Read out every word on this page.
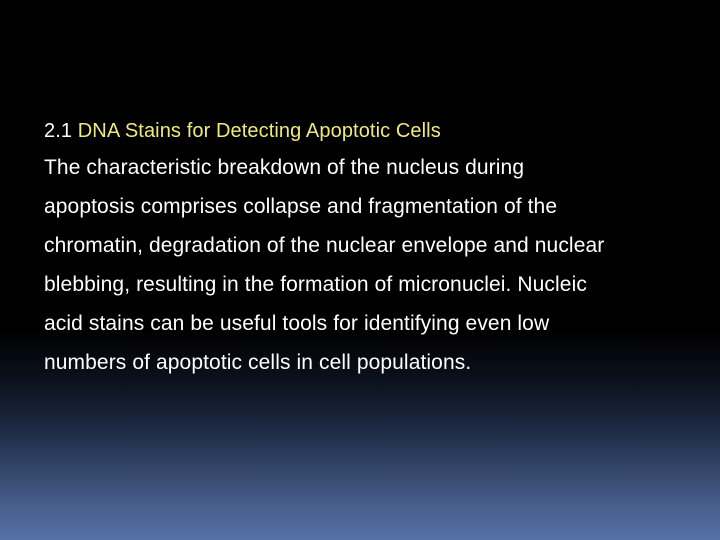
2.1 DNA Stains for Detecting Apoptotic Cells
The characteristic breakdown of the nucleus during
apoptosis comprises collapse and fragmentation of the
chromatin, degradation of the nuclear envelope and nuclear
blebbing, resulting in the formation of micronuclei. Nucleic
acid stains can be useful tools for identifying even low
numbers of apoptotic cells in cell populations.
